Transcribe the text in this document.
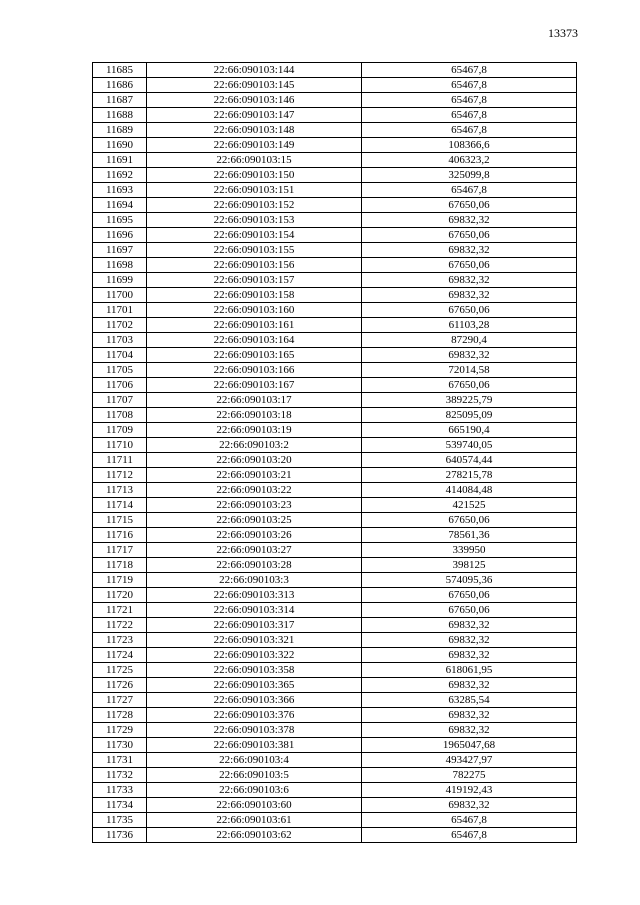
13373
11685	22:66:090103:144	65467,8
11686	22:66:090103:145	65467,8
11687	22:66:090103:146	65467,8
11688	22:66:090103:147	65467,8
11689	22:66:090103:148	65467,8
11690	22:66:090103:149	108366,6
11691	22:66:090103:15	406323,2
11692	22:66:090103:150	325099,8
11693	22:66:090103:151	65467,8
11694	22:66:090103:152	67650,06
11695	22:66:090103:153	69832,32
11696	22:66:090103:154	67650,06
11697	22:66:090103:155	69832,32
11698	22:66:090103:156	67650,06
11699	22:66:090103:157	69832,32
11700	22:66:090103:158	69832,32
11701	22:66:090103:160	67650,06
11702	22:66:090103:161	61103,28
11703	22:66:090103:164	87290,4
11704	22:66:090103:165	69832,32
11705	22:66:090103:166	72014,58
11706	22:66:090103:167	67650,06
11707	22:66:090103:17	389225,79
11708	22:66:090103:18	825095,09
11709	22:66:090103:19	665190,4
11710	22:66:090103:2	539740,05
11711	22:66:090103:20	640574,44
11712	22:66:090103:21	278215,78
11713	22:66:090103:22	414084,48
11714	22:66:090103:23	421525
11715	22:66:090103:25	67650,06
11716	22:66:090103:26	78561,36
11717	22:66:090103:27	339950
11718	22:66:090103:28	398125
11719	22:66:090103:3	574095,36
11720	22:66:090103:313	67650,06
11721	22:66:090103:314	67650,06
11722	22:66:090103:317	69832,32
11723	22:66:090103:321	69832,32
11724	22:66:090103:322	69832,32
11725	22:66:090103:358	618061,95
11726	22:66:090103:365	69832,32
11727	22:66:090103:366	63285,54
11728	22:66:090103:376	69832,32
11729	22:66:090103:378	69832,32
11730	22:66:090103:381	1965047,68
11731	22:66:090103:4	493427,97
11732	22:66:090103:5	782275
11733	22:66:090103:6	419192,43
11734	22:66:090103:60	69832,32
11735	22:66:090103:61	65467,8
11736	22:66:090103:62	65467,8
